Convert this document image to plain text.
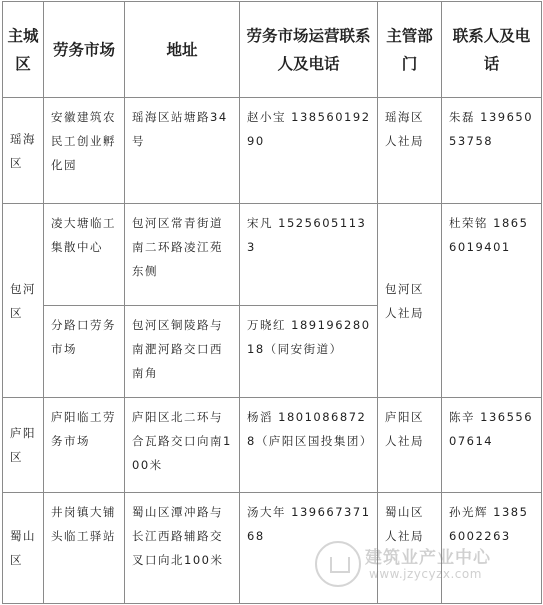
主城区	劳务市场	地址	劳务市场运营联系人及电话	主管部门	联系人及电话
瑶海区	安徽建筑农民工创业孵化园	瑶海区站塘路34号	赵小宝 13856019290	瑶海区人社局	朱磊 13965053758
包河区	凌大塘临工集散中心	包河区常青街道南二环路凌江苑东侧	宋凡 15256051133	包河区人社局	杜荣铭 18656019401
	分路口劳务市场	包河区铜陵路与南淝河路交口西南角	万晓红 18919628018（同安街道）		
庐阳区	庐阳临工劳务市场	庐阳区北二环与合瓦路交口向南100米	杨滔 18010868728（庐阳区国投集团）	庐阳区人社局	陈辛 13655607614
蜀山区	井岗镇大铺头临工驿站	蜀山区潭冲路与长江西路辅路交叉口向北100米	汤大年 13966737168	蜀山区人社局	孙光辉 13856002263
建筑业产业中心
www.jzycyzx.com
